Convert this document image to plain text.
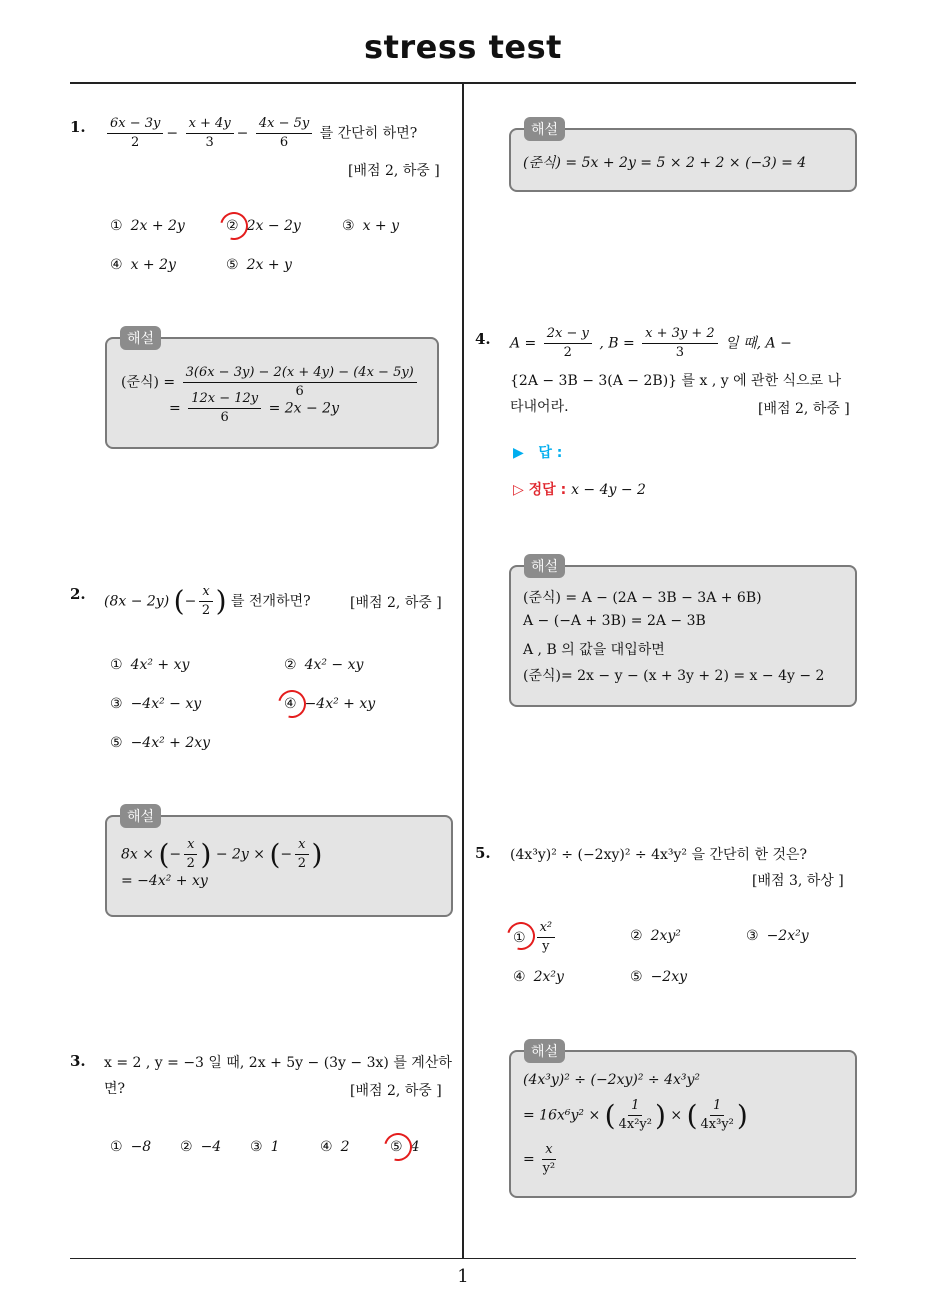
stress test
1
1. $\frac{6x - 3y}{2} - \frac{x + 4y}{3} - \frac{4x - 5y}{6}$ 를 간단히 하면?
[배점 2, 하중 ]
① 2x + 2y	② 2x − 2y	③ x + y
④ x + 2y	⑤ 2x + y
(준식) = $\frac{3(6x - 3y) - 2(x + 4y) - (4x - 5y)}{6}$
= $\frac{12x - 12y}{6} = 2x - 2y$
해설
2. (8x − 2y) (− $\frac{x}{2}$ ) 를 전개하면?	[배점 2, 하중 ]
① 4x² + xy	② 4x² − xy
③ −4x² − xy	④ −4x² + xy
⑤ −4x² + 2xy
8x × (− $\frac{x}{2}$ ) − 2y × (− $\frac{x}{2}$ )
= −4x² + xy
해설
3. x = 2 , y = −3 일 때, 2x + 5y − (3y − 3x) 를 계산하
면?	[배점 2, 하중 ]
① −8 ② −4 ③ 1	④ 2	⑤ 4
(준식) = 5x + 2y = 5 × 2 + 2 × (−3) = 4
해설
4. $A = \frac{2x - y}{2}$ , $B = \frac{x + 3y + 2}{3}$ 일 때, A −
{2A − 3B − 3(A − 2B)} 를 x , y 에 관한 식으로 나
타내어라.	[배점 2, 하중 ]
▶ 답 :
▷ 정답 : x − 4y − 2
(준식) = A − (2A − 3B − 3A + 6B)
A − (−A + 3B) = 2A − 3B
A , B 의 값을 대입하면
(준식)= 2x − y − (x + 3y + 2) = x − 4y − 2
해설
5. (4x³y)² ÷ (−2xy)² ÷ 4x³y² 을 간단히 한 것은?
[배점 3, 하상 ]
① $\frac{\text{x²}}{y}$	② 2xy²	③ −2x²y
④ 2x²y	⑤ −2xy
(4x³y)² ÷ (−2xy)² ÷ 4x³y²
= 16x⁶y² × ( $\frac{1}{\text{4x²y²}}$ ) × ( $\frac{1}{\text{4x³y²}}$ )
= $\frac{x}{\text{y²}}$
해설
